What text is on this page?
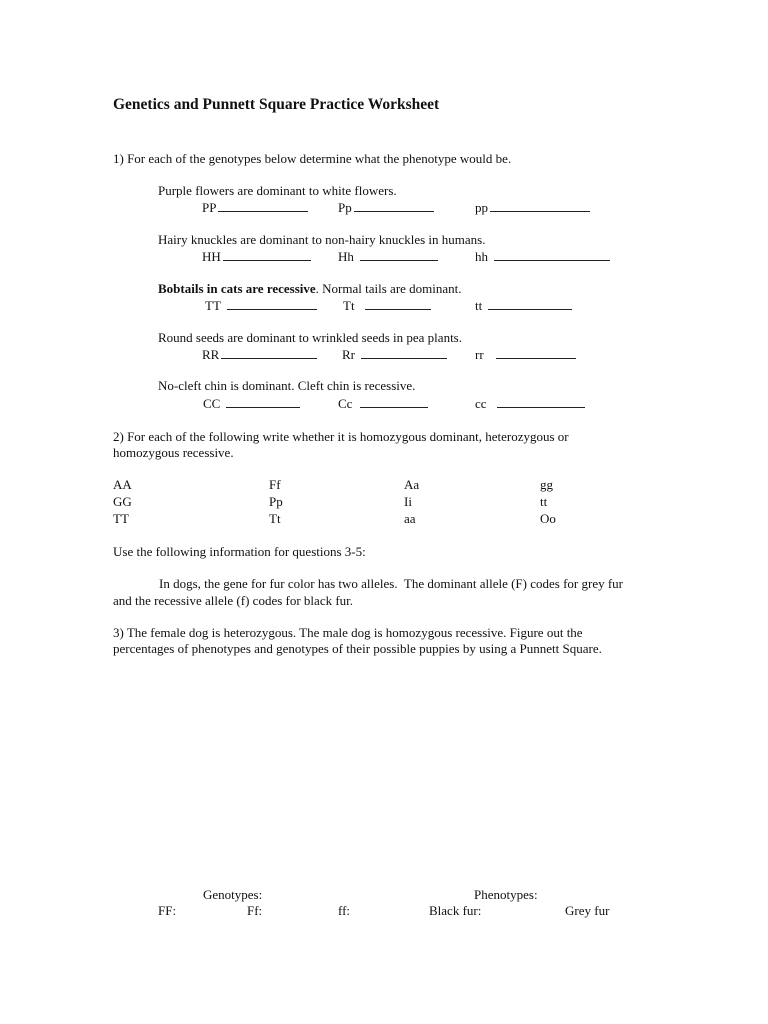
Genetics and Punnett Square Practice Worksheet
1) For each of the genotypes below determine what the phenotype would be.
Purple flowers are dominant to white flowers.
PP	Pp	pp
Hairy knuckles are dominant to non-hairy knuckles in humans.
HH	Hh	hh
Bobtails in cats are recessive. Normal tails are dominant.
TT	Tt	tt
Round seeds are dominant to wrinkled seeds in pea plants.
RR	Rr	rr
No-cleft chin is dominant. Cleft chin is recessive.
CC	Cc	cc
2) For each of the following write whether it is homozygous dominant, heterozygous or
homozygous recessive.
AA	Ff	Aa	gg
GG	Pp	Ii	tt
TT	Tt	aa	Oo
Use the following information for questions 3-5:
In dogs, the gene for fur color has two alleles.  The dominant allele (F) codes for grey fur
and the recessive allele (f) codes for black fur.
3) The female dog is heterozygous. The male dog is homozygous recessive. Figure out the
percentages of phenotypes and genotypes of their possible puppies by using a Punnett Square.
Genotypes:	Phenotypes:
FF:	Ff:	ff:	Black fur:	Grey fur
